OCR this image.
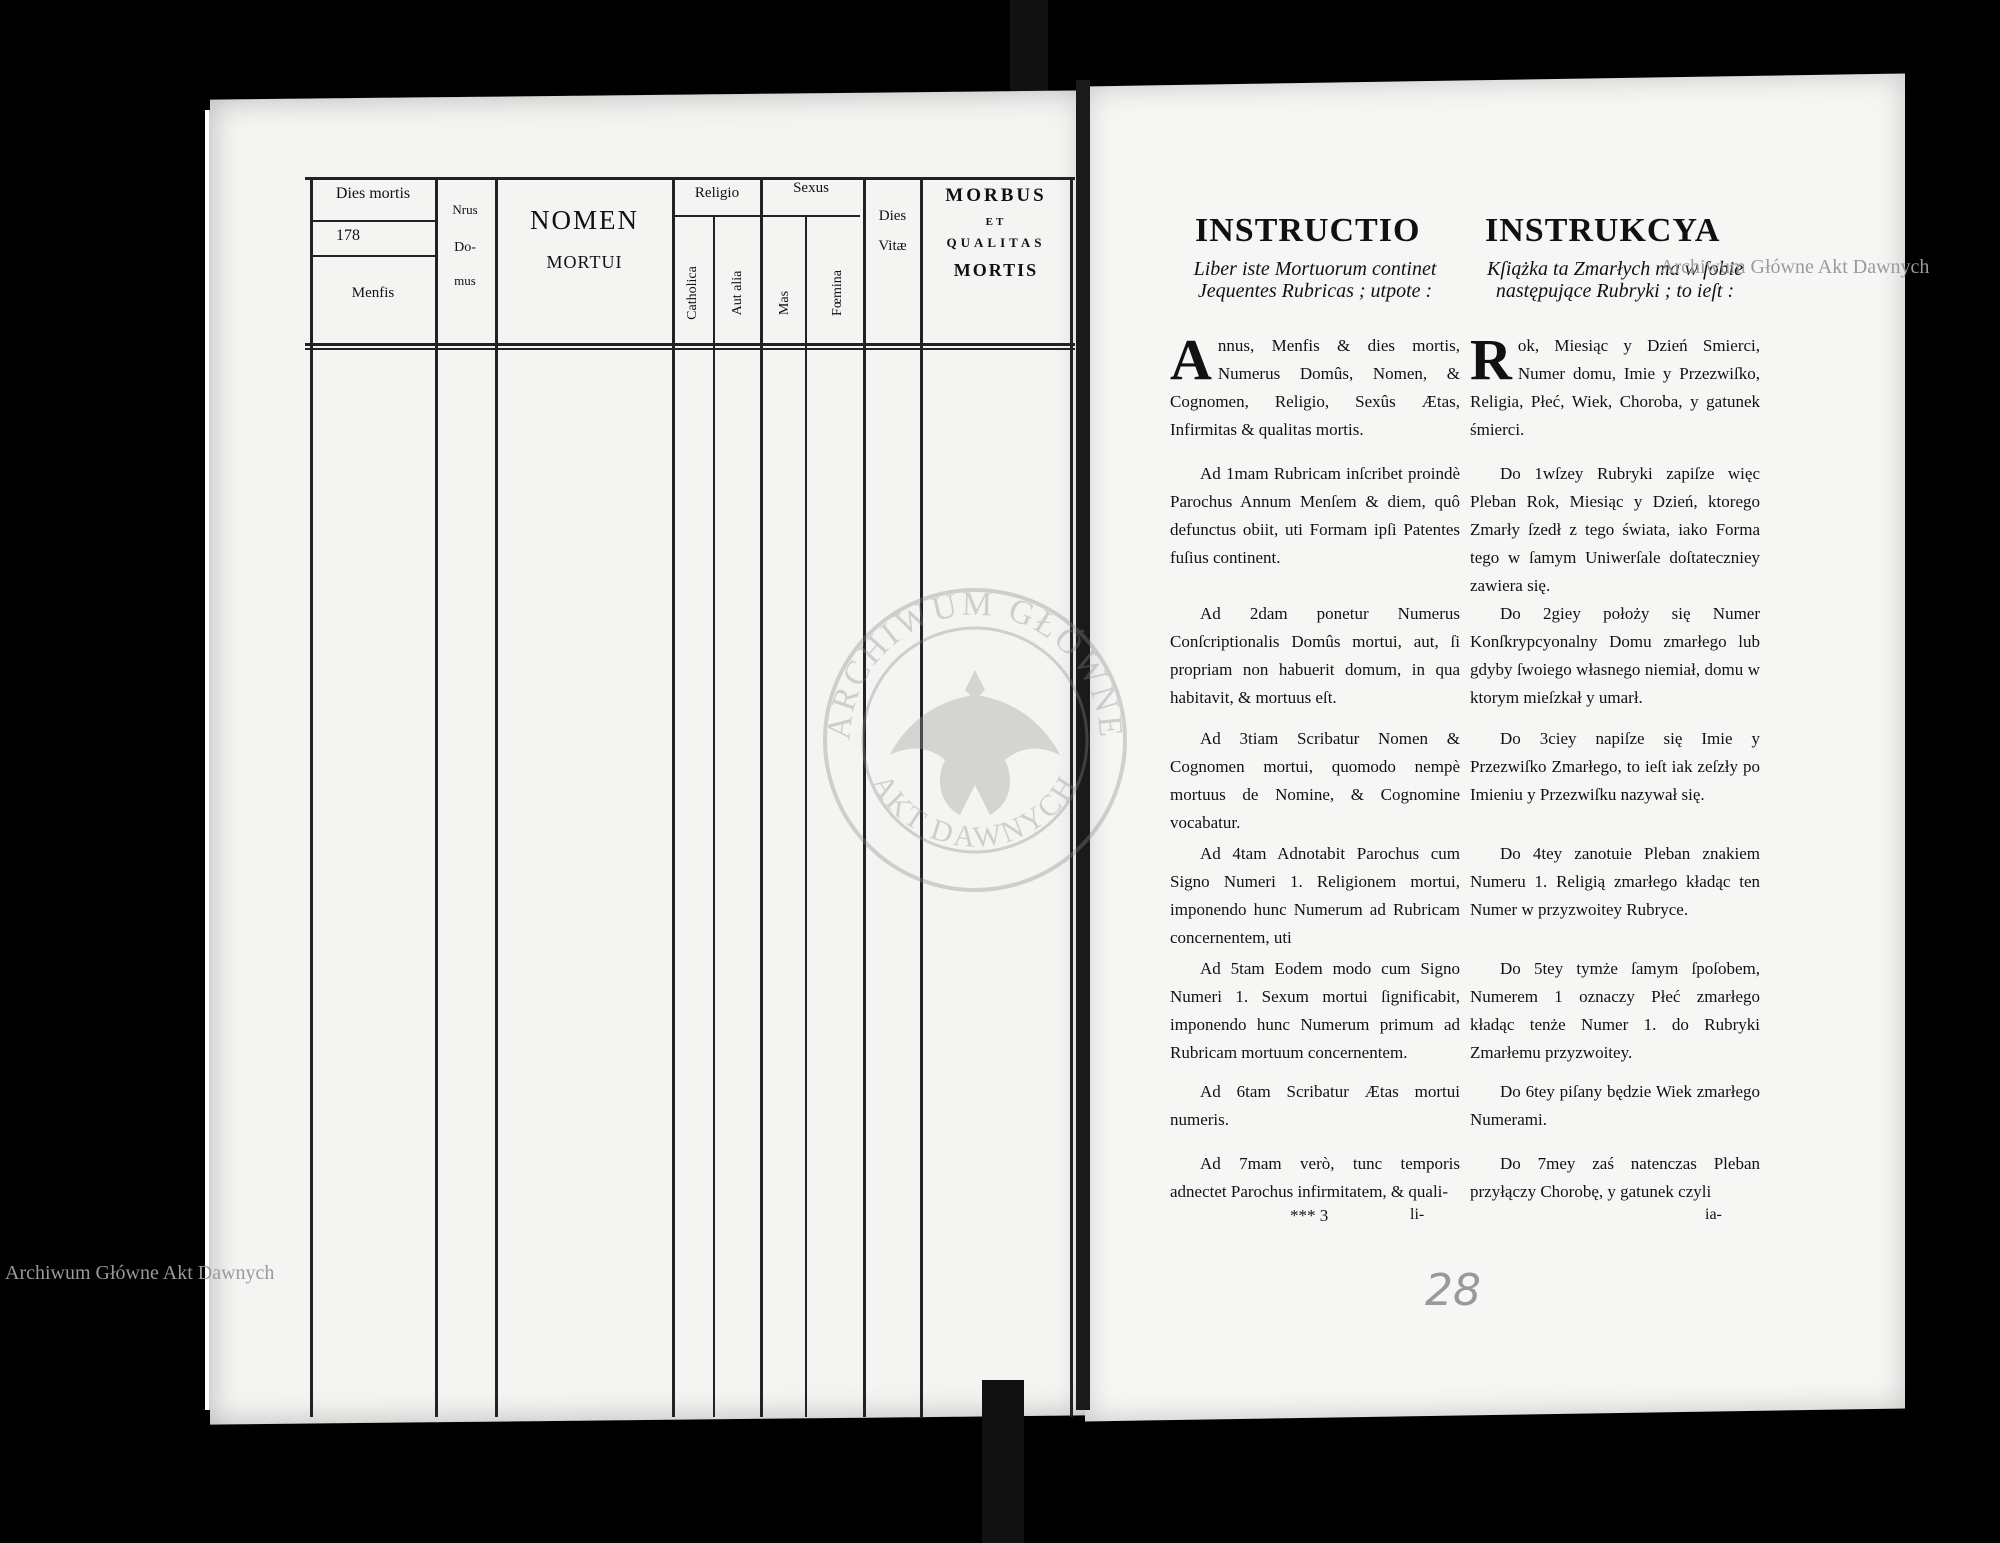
Dies mortis
178
Menfis
Nrus
Do-
mus
NOMEN
MORTUI
Religio
Catholica Aut alia
Sexus
Mas	Fœmina
Dies
Vitæ
MORBUS
ET
QUALITAS
MORTIS
ARCHIWUM GŁÓWNE
AKT DAWNYCH
INSTRUCTIO
Liber iste Mortuorum continet Jequentes Rubricas ; utpote :
Annus, Menfis & dies mortis, Numerus Domûs, Nomen, & Cognomen, Religio, Sexûs Ætas, Infirmitas & qualitas mortis.
Ad 1mam Rubricam inſcribet proindè Parochus Annum Menſem & diem, quô defunctus obiit, uti Formam ipſi Patentes fuſius continent.
Ad 2dam ponetur Numerus Conſcriptionalis Domûs mortui, aut, ſi propriam non habuerit domum, in qua habitavit, & mortuus eſt.
Ad 3tiam Scribatur Nomen & Cognomen mortui, quomodo nempè mortuus de Nomine, & Cognomine vocabatur.
Ad 4tam Adnotabit Parochus cum Signo Numeri 1. Religionem mortui, imponendo hunc Numerum ad Rubricam concernentem, uti
Ad 5tam Eodem modo cum Signo Numeri 1. Sexum mortui ſignificabit, imponendo hunc Numerum primum ad Rubricam mortuum concernentem.
Ad 6tam Scribatur Ætas mortui numeris.
Ad 7mam verò, tunc temporis adnectet Parochus infirmitatem, & quali-
*** 3	li-
INSTRUKCYA
Kſiążka ta Zmarłych ma w ſobie następujące Rubryki ; to ieſt :
Rok, Miesiąc y Dzień Smierci, Numer domu, Imie y Przezwiſko, Religia, Płeć, Wiek, Choroba, y gatunek śmierci.
Do 1wſzey Rubryki zapiſze więc Pleban Rok, Miesiąc y Dzień, ktorego Zmarły ſzedł z tego świata, iako Forma tego w ſamym Uniwerſale doſtateczniey zawiera się.
Do 2giey położy się Numer Konſkrypcyonalny Domu zmarłego lub gdyby ſwoiego własnego niemiał, domu w ktorym mieſzkał y umarł.
Do 3ciey napiſze się Imie y Przezwiſko Zmarłego, to ieſt iak zeſzły po Imieniu y Przezwiſku nazywał się.
Do 4tey zanotuie Pleban znakiem Numeru 1. Religią zmarłego kładąc ten Numer w przyzwoitey Rubryce.
Do 5tey tymże ſamym ſpoſobem, Numerem 1 oznaczy Płeć zmarłego kładąc tenże Numer 1. do Rubryki Zmarłemu przyzwoitey.
Do 6tey piſany będzie Wiek zmarłego Numerami.
Do 7mey zaś natenczas Pleban przyłączy Chorobę, y gatunek czyli
ia-
28
Archiwum Główne Akt Dawnych
Archiwum Główne Akt Dawnych
